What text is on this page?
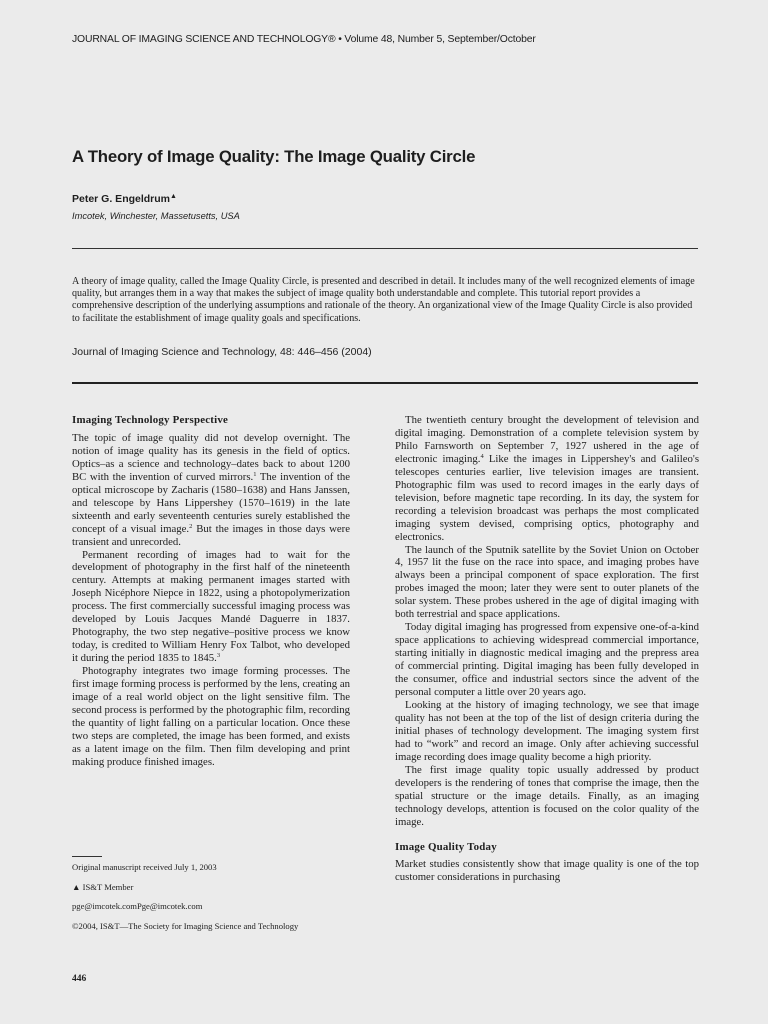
JOURNAL OF IMAGING SCIENCE AND TECHNOLOGY® • Volume 48, Number 5, September/October
A Theory of Image Quality: The Image Quality Circle
Peter G. Engeldrum▲
Imcotek, Winchester, Massetusetts, USA

A theory of image quality, called the Image Quality Circle, is presented and described in detail. It includes many of the well recognized elements of image quality, but arranges them in a way that makes the subject of image quality both understandable and complete. This tutorial report provides a comprehensive description of the underlying assumptions and rationale of the theory. An organizational view of the Image Quality Circle is also provided to facilitate the establishment of image quality goals and specifications.

Journal of Imaging Science and Technology, 48: 446–456 (2004)
Imaging Technology Perspective

The topic of image quality did not develop overnight. The notion of image quality has its genesis in the field of optics. Optics–as a science and technology–dates back to about 1200 BC with the invention of curved mirrors.$^1$ The invention of the optical microscope by Zacharis (1580–1638) and Hans Janssen, and telescope by Hans Lippershey (1570–1619) in the late sixteenth and early seventeenth centuries surely established the concept of a visual image.$^2$ But the images in those days were transient and unrecorded.

Permanent recording of images had to wait for the development of photography in the first half of the nineteenth century. Attempts at making permanent images started with Joseph Nicéphore Niepce in 1822, using a photopolymerization process. The first commercially successful imaging process was developed by Louis Jacques Mandé Daguerre in 1837. Photography, the two step negative–positive process we know today, is credited to William Henry Fox Talbot, who developed it during the period 1835 to 1845.$^3$

Photography integrates two image forming processes. The first image forming process is performed by the lens, creating an image of a real world object on the light sensitive film. The second process is performed by the photographic film, recording the quantity of light falling on a particular location. Once these two steps are completed, the image has been formed, and exists as a latent image on the film. Then film developing and print making produce finished images.

The twentieth century brought the development of television and digital imaging. Demonstration of a complete television system by Philo Farnsworth on September 7, 1927 ushered in the age of electronic imaging.$^4$ Like the images in Lippershey's and Galileo's telescopes centuries earlier, live television images are transient. Photographic film was used to record images in the early days of television, before magnetic tape recording. In its day, the system for recording a television broadcast was perhaps the most complicated imaging system devised, comprising optics, photography and electronics.

The launch of the Sputnik satellite by the Soviet Union on October 4, 1957 lit the fuse on the race into space, and imaging probes have always been a principal component of space exploration. The first probes imaged the moon; later they were sent to outer planets of the solar system. These probes ushered in the age of digital imaging with both terrestrial and space applications.

Today digital imaging has progressed from expensive one-of-a-kind space applications to achieving widespread commercial importance, starting initially in diagnostic medical imaging and the prepress area of commercial printing. Digital imaging has been fully developed in the consumer, office and industrial sectors since the advent of the personal computer a little over 20 years ago.

Looking at the history of imaging technology, we see that image quality has not been at the top of the list of design criteria during the initial phases of technology development. The imaging system first had to “work” and record an image. Only after achieving successful image recording does image quality become a high priority.

The first image quality topic usually addressed by product developers is the rendering of tones that comprise the image, then the spatial structure or the image details. Finally, as an imaging technology develops, attention is focused on the color quality of the image.

Image Quality Today

Market studies consistently show that image quality is one of the top customer considerations in purchasing

Original manuscript received July 1, 2003
▲ IS&T Member
pge@imcotek.comPge@imcotek.com
©2004, IS&T—The Society for Imaging Science and Technology
446
